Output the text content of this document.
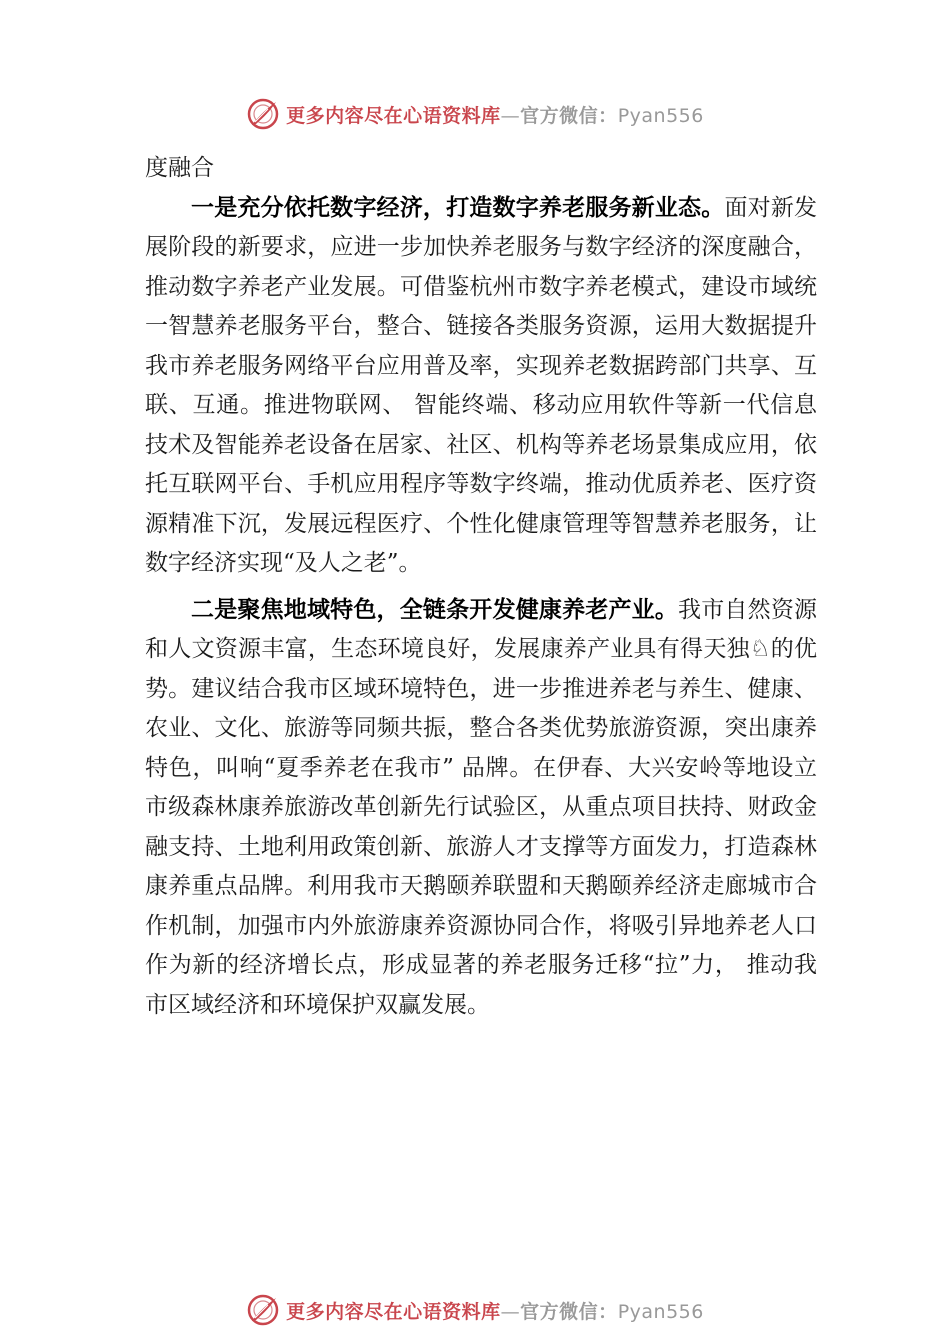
更多内容尽在心语资料库—官方微信：Pyan556

度融合

一是充分依托数字经济，打造数字养老服务新业态。面对新发展阶段的新要求，应进一步加快养老服务与数字经济的深度融合，推动数字养老产业发展。可借鉴杭州市数字养老模式，建设市域统一智慧养老服务平台，整合、链接各类服务资源，运用大数据提升我市养老服务网络平台应用普及率，实现养老数据跨部门共享、互联、互通。推进物联网、 智能终端、移动应用软件等新一代信息技术及智能养老设备在居家、社区、机构等养老场景集成应用，依托互联网平台、手机应用程序等数字终端，推动优质养老、医疗资源精准下沉，发展远程医疗、个性化健康管理等智慧养老服务，让数字经济实现“及人之老”。

二是聚焦地域特色，全链条开发健康养老产业。我市自然资源和人文资源丰富，生态环境良好，发展康养产业具有得天独♘的优势。建议结合我市区域环境特色，进一步推进养老与养生、健康、农业、文化、旅游等同频共振，整合各类优势旅游资源，突出康养特色，叫响“夏季养老在我市” 品牌。在伊春、大兴安岭等地设立市级森林康养旅游改革创新先行试验区，从重点项目扶持、财政金融支持、土地利用政策创新、旅游人才支撑等方面发力，打造森林康养重点品牌。利用我市天鹅颐养联盟和天鹅颐养经济走廊城市合作机制，加强市内外旅游康养资源协同合作，将吸引异地养老人口作为新的经济增长点，形成显著的养老服务迁移“拉”力， 推动我市区域经济和环境保护双赢发展。

更多内容尽在心语资料库—官方微信：Pyan556
